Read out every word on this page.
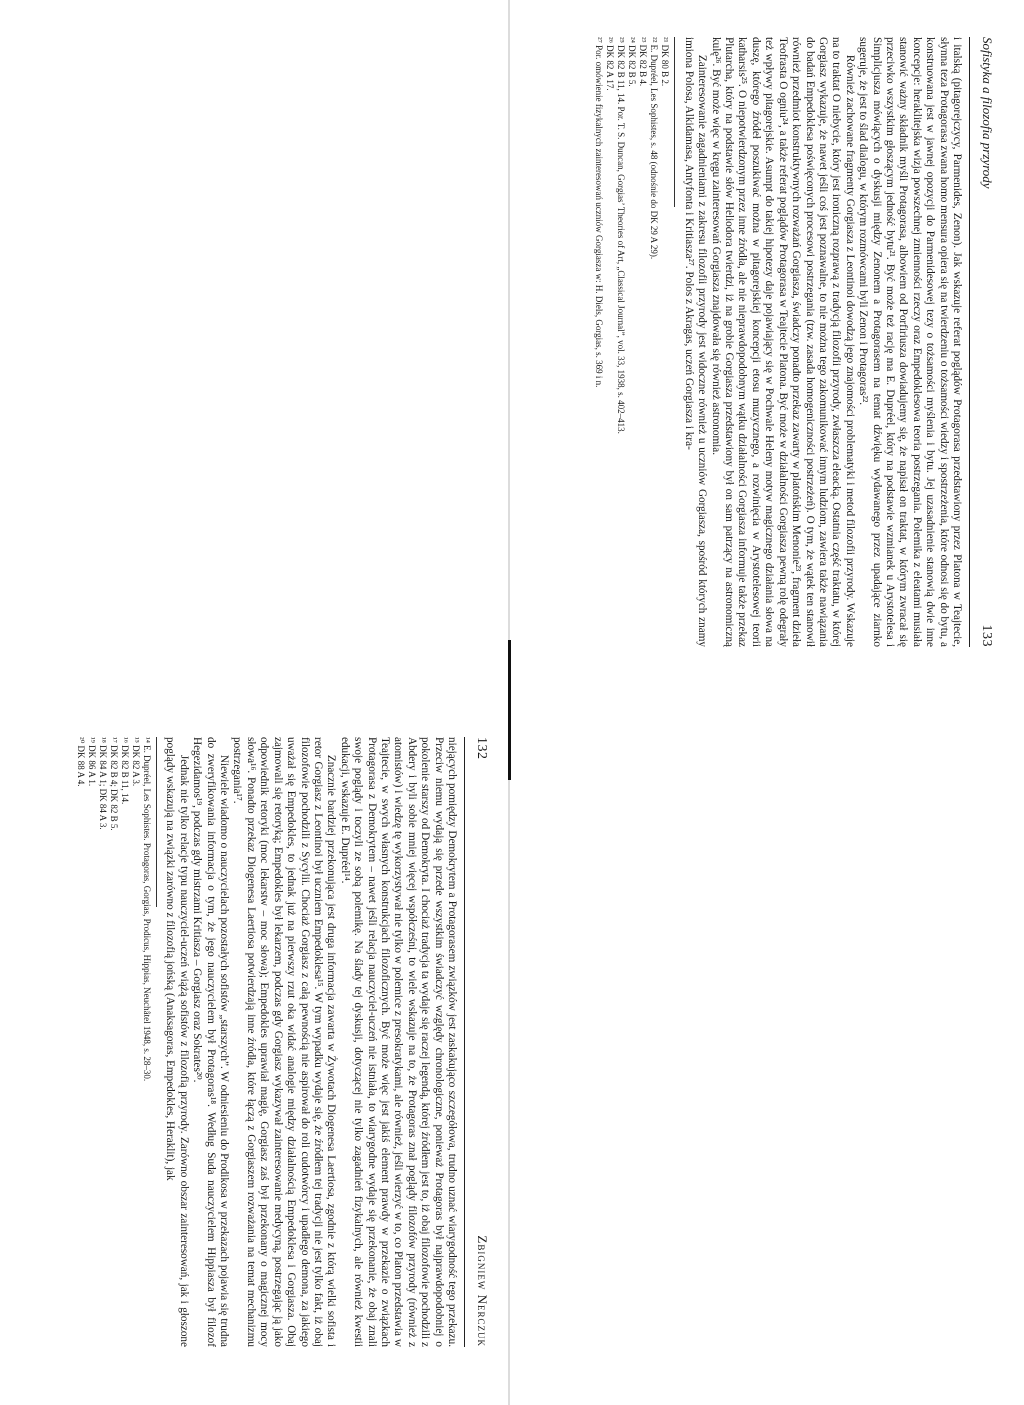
132
Zbigniew Nerczuk

niejących pomiędzy Demokrytem a Protagorasem związków jest zaskakująco szczegółowa, trudno uznać wiarygodność tego przekazu. Przeciw niemu wydają się przede wszystkim świadczyć względy chronologiczne, ponieważ Protagoras był najprawdopodobniej o pokolenie starszy od Demokryta. I chociaż tradycja ta wydaje się raczej legendą, której źródłem jest to, iż obaj filozofowie pochodzili z Abdery i byli sobie mniej więcej współcześni, to wiele wskazuje na to, że Protagoras znał poglądy filozofów przyrody (również z atomistów) i wiedzę tę wykorzystywał nie tylko w polemice z presokratykami, ale również, jeśli wierzyć w to, co Platon przedstawia w Teajtecie, w swych własnych konstrukcjach filozoficznych. Być może więc jest jakiś element prawdy w przekazie o związkach Protagorasa z Demokrytem – nawet jeśli relacja nauczyciel-uczeń nie istniała, to wiarygodne wydaje się przekonanie, że obaj znali swoje poglądy i toczyli ze sobą polemikę. Na ślady tej dyskusji, dotyczącej nie tylko zagadnień fizykalnych, ale również kwestii edukacji, wskazuje E. Dupréel¹⁴.

Znacznie bardziej przekonująca jest druga informacja zawarta w Żywotach Diogenesa Laertiosa, zgodnie z którą wielki sofista i retor Gorgiasz z Leontinoi był uczniem Empedoklesa¹⁵. W tym wypadku wydaje się, że źródłem tej tradycji nie jest tylko fakt, iż obaj filozofowie pochodzili z Sycylii. Chociaż Gorgiasz z całą pewnością nie aspirował do roli cudotwórcy i upadłego demona, za jakiego uważał się Empedokles, to jednak już na pierwszy rzut oka widać analogie między działalnością Empedoklesa i Gorgiasza. Obaj zajmowali się retoryką; Empedokles był lekarzem, podczas gdy Gorgiasz wykazywał zainteresowanie medycyną, postrzegając ją jako odpowiednik retoryki (moc lekarstw – moc słowa); Empedokles uprawiał magię, Gorgiasz zaś był przekonany o magicznej mocy słowa¹⁶. Ponadto przekaz Diogenesa Laertiosa potwierdzają inne źródła, które łączą z Gorgiaszem rozważania na temat mechanizmu postrzegania¹⁷.

Niewiele wiadomo o nauczycielach pozostałych sofistów „starszych”. W odniesieniu do Prodikosa w przekazach pojawia się trudna do zweryfikowania informacja o tym, że jego nauczycielem był Protagoras¹⁸. Według Suda nauczycielem Hippiasza był filozof Hegezidamos¹⁹, podczas gdy mistrzami Kritiasza – Gorgiasz oraz Sokrates²⁰.

Jednak nie tylko relacje typu nauczyciel-uczeń wiążą sofistów z filozofią przyrody. Zarówno obszar zainteresowań, jak i głoszone poglądy wskazują na związki zarówno z filozofią jońską (Anaksagoras, Empedokles, Heraklit), jak

¹⁴ E. Dupréel, Les Sophistes. Protagoras, Gorgias, Prodicus, Hippias, Neuchâtel 1948, s. 28–30.
¹⁵ DK 82 A 3.
¹⁶ DK 82 B 11, 14.
¹⁷ DK 82 B 4; DK 82 B 5.
¹⁸ DK 84 A 1; DK 84 A 3.
¹⁹ DK 86 A 1.
²⁰ DK 88 A 4.
Sofistyka a filozofia przyrody
133

i italską (pitagorejczycy, Parmenides, Zenon). Jak wskazuje referat poglądów Protagorasa przedstawiony przez Platona w Teajtecie, słynna teza Protagorasa zwana homo mensura opiera się na twierdzeniu o tożsamości wiedzy i spostrzeżenia, które odnosi się do bytu, a konstruowana jest w jawnej opozycji do Parmenidesowej tezy o tożsamości myślenia i bytu. Jej uzasadnienie stanowią dwie inne koncepcje: heraklitejska wizja powszechnej zmienności rzeczy oraz Empedoklesowa teoria postrzegania. Polemika z eleatami musiała stanowić ważny składnik myśli Protagorasa, albowiem od Porfiriusza dowiadujemy się, że napisał on traktat, w którym zwracał się przeciwko wszystkim głoszącym jedność bytu²¹. Być może też rację ma E. Dupréel, który na podstawie wzmianek u Arystotelesa i Simplicjusza mówiących o dyskusji między Zenonem a Protagorasem na temat dźwięku wydawanego przez upadające ziarnko sugeruje, że jest to ślad dialogu, w którym rozmówcami byli Zenon i Protagoras²².

Również zachowane fragmenty Gorgiasza z Leontinoi dowodzą jego znajomości problematyki i metod filozofii przyrody. Wskazuje na to traktat O niebycie, który jest ironiczną rozprawą z tradycją filozofii przyrody, zwłaszcza eleacką. Ostatnia część traktatu, w której Gorgiasz wykazuje, że nawet jeśli coś jest poznawalne, to nie można tego zakomunikować innym ludziom, zawiera także nawiązania do badań Empedoklesa poświęconych procesowi postrzegania (tzw. zasada homogeniczności postrzeżeń). O tym, że wątek ten stanowił również przedmiot konstruktywnych rozważań Gorgiasza, świadczy ponadto przekaz zawarty w platońskim Menonie²³, fragment dzieła Teofrasta O ogniu²⁴, a także referat poglądów Protagorasa w Teajtecie Platona. Być może w działalności Gorgiasza pewną rolę odegrały też wpływy pitagorejskie. Asumpt do takiej hipotezy daje pojawiający się w Pochwale Heleny motyw magicznego działania słowa na duszę, którego źródeł poszukiwać można w pitagorejskiej koncepcji etosu muzycznego, a rozwinięcia w Arystotelesowej teorii katharsis²⁵. O niepotwierdzonym przez inne źródła, ale nie nieprawdopodobnym wątku działalności Gorgiasza informuje także przekaz Plutarcha, który na podstawie słów Heliodora twierdzi, iż na grobie Gorgiasza przedstawiony był on sam patrzący na astronomiczną kulę²⁶. Być może więc w kręgu zainteresowań Gorgiasza znajdowała się również astronomia.

Zainteresowanie zagadnieniami z zakresu filozofii przyrody jest widoczne również u uczniów Gorgiasza, spośród których znamy imiona Polosa, Alkidamasa, Antyfonta i Kritiasza²⁷. Polos z Akragas, uczeń Gorgiasza i kra-

²¹ DK 80 B 2.
²² E. Dupréel, Les Sophistes, s. 48 (odnośnie do DK 29 A 29).
²³ DK 82 B 4.
²⁴ DK 82 B 5.
²⁵ DK 82 B 11, 14. Por. T. S. Duncan, Gorgias’ Theories of Art, „Classical Journal”, vol. 33, 1938, s. 402–413.
²⁶ DK 82 A 17.
²⁷ Por. omówienie fizykalnych zainteresowań uczniów Gorgiasza w: H. Diels, Gorgias, s. 369 i n.
